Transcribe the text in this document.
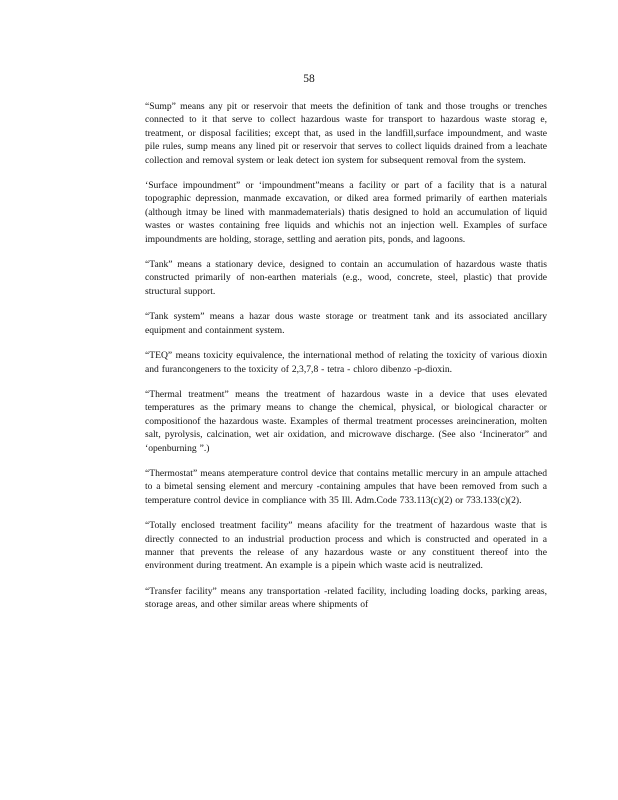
58

“Sump” means any pit or reservoir that meets the definition of tank and those troughs or trenches connected to it that serve to collect hazardous waste for transport to hazardous waste storag e, treatment, or disposal facilities; except that, as used in the landfill,surface impoundment, and waste pile rules, sump means any lined pit or reservoir that serves to collect liquids drained from a leachate collection and removal system or leak detect ion system for subsequent removal from the system.

‘Surface impoundment” or ‘impoundment”means a facility or part of a facility that is a natural topographic depression, manmade excavation, or diked area formed primarily of earthen materials (although itmay be lined with manmadematerials) thatis designed to hold an accumulation of liquid wastes or wastes containing free liquids and whichis not an injection well. Examples of surface impoundments are holding, storage, settling and aeration pits, ponds, and lagoons.

“Tank” means a stationary device, designed to contain an accumulation of hazardous waste thatis constructed primarily of non-earthen materials (e.g., wood, concrete, steel, plastic) that provide structural support.

“Tank system” means a hazar dous waste storage or treatment tank and its associated ancillary equipment and containment system.

“TEQ” means toxicity equivalence, the international method of relating the toxicity of various dioxin and furancongeners to the toxicity of 2,3,7,8 - tetra - chloro dibenzo -p-dioxin.

“Thermal treatment” means the treatment of hazardous waste in a device that uses elevated temperatures as the primary means to change the chemical, physical, or biological character or compositionof the hazardous waste. Examples of thermal treatment processes areincineration, molten salt, pyrolysis, calcination, wet air oxidation, and microwave discharge. (See also ‘Incinerator” and ‘openburning ”.)

“Thermostat” means atemperature control device that contains metallic mercury in an ampule attached to a bimetal sensing element and mercury -containing ampules that have been removed from such a temperature control device in compliance with 35 Ill. Adm.Code 733.113(c)(2) or 733.133(c)(2).

“Totally enclosed treatment facility” means afacility for the treatment of hazardous waste that is directly connected to an industrial production process and which is constructed and operated in a manner that prevents the release of any hazardous waste or any constituent thereof into the environment during treatment. An example is a pipein which waste acid is neutralized.

“Transfer facility” means any transportation -related facility, including loading docks, parking areas, storage areas, and other similar areas where shipments of
